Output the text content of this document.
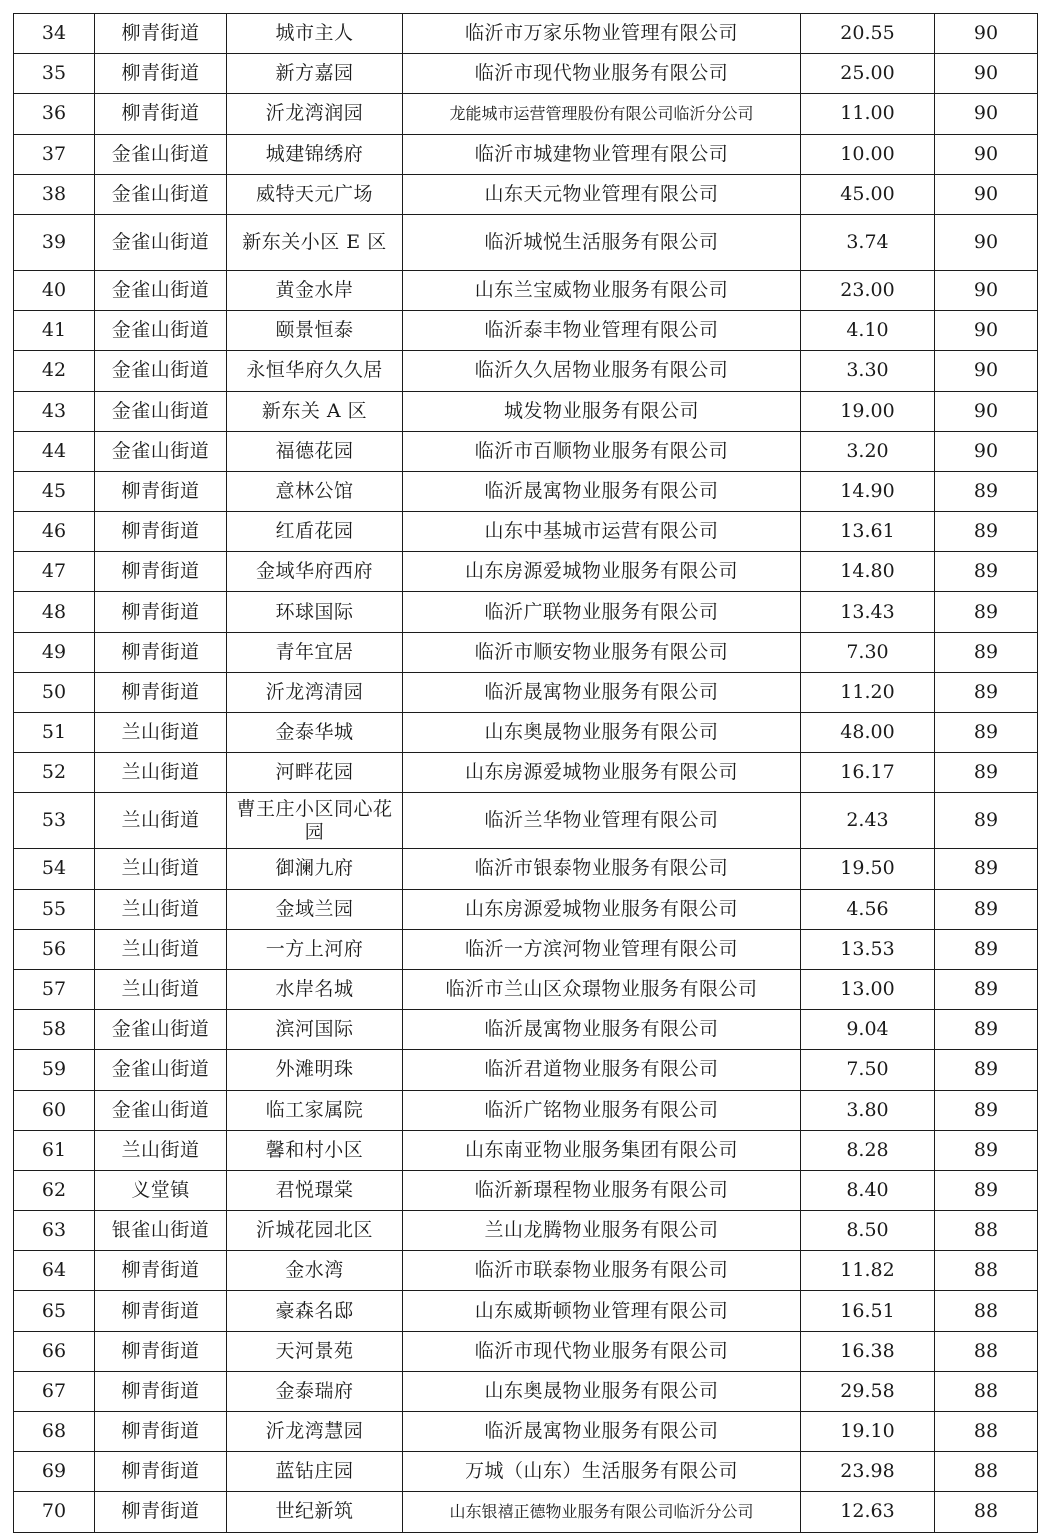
34	柳青街道	城市主人	临沂市万家乐物业管理有限公司	20.55	90
35	柳青街道	新方嘉园	临沂市现代物业服务有限公司	25.00	90
36	柳青街道	沂龙湾润园	龙能城市运营管理股份有限公司临沂分公司	11.00	90
37	金雀山街道	城建锦绣府	临沂市城建物业管理有限公司	10.00	90
38	金雀山街道	威特天元广场	山东天元物业管理有限公司	45.00	90
39	金雀山街道	新东关小区 E 区	临沂城悦生活服务有限公司	3.74	90
40	金雀山街道	黄金水岸	山东兰宝威物业服务有限公司	23.00	90
41	金雀山街道	颐景恒泰	临沂泰丰物业管理有限公司	4.10	90
42	金雀山街道	永恒华府久久居	临沂久久居物业服务有限公司	3.30	90
43	金雀山街道	新东关 A 区	城发物业服务有限公司	19.00	90
44	金雀山街道	福德花园	临沂市百顺物业服务有限公司	3.20	90
45	柳青街道	意林公馆	临沂晟寓物业服务有限公司	14.90	89
46	柳青街道	红盾花园	山东中基城市运营有限公司	13.61	89
47	柳青街道	金域华府西府	山东房源爱城物业服务有限公司	14.80	89
48	柳青街道	环球国际	临沂广联物业服务有限公司	13.43	89
49	柳青街道	青年宜居	临沂市顺安物业服务有限公司	7.30	89
50	柳青街道	沂龙湾清园	临沂晟寓物业服务有限公司	11.20	89
51	兰山街道	金泰华城	山东奥晟物业服务有限公司	48.00	89
52	兰山街道	河畔花园	山东房源爱城物业服务有限公司	16.17	89
53	兰山街道	曹王庄小区同心花园	临沂兰华物业管理有限公司	2.43	89
54	兰山街道	御澜九府	临沂市银泰物业服务有限公司	19.50	89
55	兰山街道	金域兰园	山东房源爱城物业服务有限公司	4.56	89
56	兰山街道	一方上河府	临沂一方滨河物业管理有限公司	13.53	89
57	兰山街道	水岸名城	临沂市兰山区众璟物业服务有限公司	13.00	89
58	金雀山街道	滨河国际	临沂晟寓物业服务有限公司	9.04	89
59	金雀山街道	外滩明珠	临沂君道物业服务有限公司	7.50	89
60	金雀山街道	临工家属院	临沂广铭物业服务有限公司	3.80	89
61	兰山街道	馨和村小区	山东南亚物业服务集团有限公司	8.28	89
62	义堂镇	君悦璟棠	临沂新璟程物业服务有限公司	8.40	89
63	银雀山街道	沂城花园北区	兰山龙腾物业服务有限公司	8.50	88
64	柳青街道	金水湾	临沂市联泰物业服务有限公司	11.82	88
65	柳青街道	豪森名邸	山东威斯顿物业管理有限公司	16.51	88
66	柳青街道	天河景苑	临沂市现代物业服务有限公司	16.38	88
67	柳青街道	金泰瑞府	山东奥晟物业服务有限公司	29.58	88
68	柳青街道	沂龙湾慧园	临沂晟寓物业服务有限公司	19.10	88
69	柳青街道	蓝钻庄园	万城（山东）生活服务有限公司	23.98	88
70	柳青街道	世纪新筑	山东银禧正德物业服务有限公司临沂分公司	12.63	88
